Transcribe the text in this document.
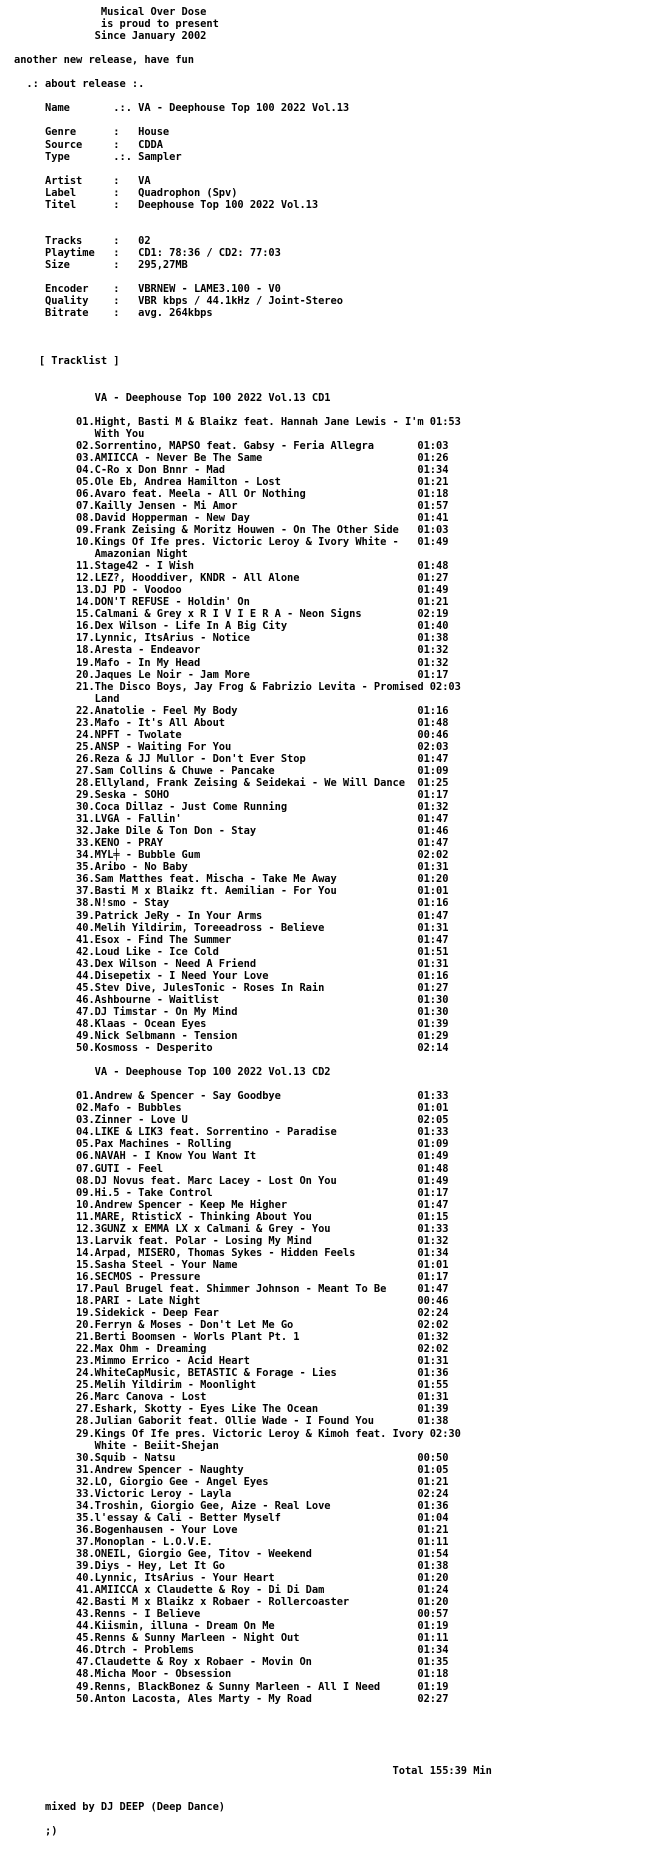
Musical Over Dose
is proud to present
Since January 2002

another new release, have fun

.: about release :.

Name       .:. VA - Deephouse Top 100 2022 Vol.13

Genre      :   House
Source     :   CDDA
Type       .:. Sampler

Artist     :   VA
Label      :   Quadrophon (Spv)
Titel      :   Deephouse Top 100 2022 Vol.13

Tracks     :   02
Playtime   :   CD1: 78:36 / CD2: 77:03
Size       :   295,27MB

Encoder    :   VBRNEW - LAME3.100 - V0
Quality    :   VBR kbps / 44.1kHz / Joint-Stereo
Bitrate    :   avg. 264kbps

[ Tracklist ]

VA - Deephouse Top 100 2022 Vol.13 CD1

01.Hight, Basti M & Blaikz feat. Hannah Jane Lewis - I'm 01:53
With You
02.Sorrentino, MAPSO feat. Gabsy - Feria Allegra       01:03
03.AMIICCA - Never Be The Same                         01:26
04.C-Ro x Don Bnnr - Mad                               01:34
05.Ole Eb, Andrea Hamilton - Lost                      01:21
06.Avaro feat. Meela - All Or Nothing                  01:18
07.Kailly Jensen - Mi Amor                             01:57
08.David Hopperman - New Day                           01:41
09.Frank Zeising & Moritz Houwen - On The Other Side   01:03
10.Kings Of Ife pres. Victoric Leroy & Ivory White -   01:49
Amazonian Night
11.Stage42 - I Wish                                    01:48
12.LEZ?, Hooddiver, KNDR - All Alone                   01:27
13.DJ PD - Voodoo                                      01:49
14.DON'T REFUSE - Holdin' On                           01:21
15.Calmani & Grey x R I V I E R A - Neon Signs         02:19
16.Dex Wilson - Life In A Big City                     01:40
17.Lynnic, ItsArius - Notice                           01:38
18.Aresta - Endeavor                                   01:32
19.Mafo - In My Head                                   01:32
20.Jaques Le Noir - Jam More                           01:17
21.The Disco Boys, Jay Frog & Fabrizio Levita - Promised 02:03
Land
22.Anatolie - Feel My Body                             01:16
23.Mafo - It's All About                               01:48
24.NPFT - Twolate                                      00:46
25.ANSP - Waiting For You                              02:03
26.Reza & JJ Mullor - Don't Ever Stop                  01:47
27.Sam Collins & Chuwe - Pancake                       01:09
28.Ellyland, Frank Zeising & Seidekai - We Will Dance  01:25
29.Seska - SOHO                                        01:17
30.Coca Dillaz - Just Come Running                     01:32
31.LVGA - Fallin'                                      01:47
32.Jake Dile & Ton Don - Stay                          01:46
33.KENO - PRAY                                         01:47
34.MYL╪ - Bubble Gum                                   02:02
35.Aribo - No Baby                                     01:31
36.Sam Matthes feat. Mischa - Take Me Away             01:20
37.Basti M x Blaikz ft. Aemilian - For You             01:01
38.N!smo - Stay                                        01:16
39.Patrick JeRy - In Your Arms                         01:47
40.Melih Yildirim, Toreeadross - Believe               01:31
41.Esox - Find The Summer                              01:47
42.Loud Like - Ice Cold                                01:51
43.Dex Wilson - Need A Friend                          01:31
44.Disepetix - I Need Your Love                        01:16
45.Stev Dive, JulesTonic - Roses In Rain               01:27
46.Ashbourne - Waitlist                                01:30
47.DJ Timstar - On My Mind                             01:30
48.Klaas - Ocean Eyes                                  01:39
49.Nick Selbmann - Tension                             01:29
50.Kosmoss - Desperito                                 02:14

VA - Deephouse Top 100 2022 Vol.13 CD2

01.Andrew & Spencer - Say Goodbye                      01:33
02.Mafo - Bubbles                                      01:01
03.Zinner - Love U                                     02:05
04.LIKE & LIK3 feat. Sorrentino - Paradise             01:33
05.Pax Machines - Rolling                              01:09
06.NAVAH - I Know You Want It                          01:49
07.GUTI - Feel                                         01:48
08.DJ Novus feat. Marc Lacey - Lost On You             01:49
09.Hi.5 - Take Control                                 01:17
10.Andrew Spencer - Keep Me Higher                     01:47
11.MARE, RtisticX - Thinking About You                 01:15
12.3GUNZ x EMMA LX x Calmani & Grey - You              01:33
13.Larvik feat. Polar - Losing My Mind                 01:32
14.Arpad, MISERO, Thomas Sykes - Hidden Feels          01:34
15.Sasha Steel - Your Name                             01:01
16.SECMOS - Pressure                                   01:17
17.Paul Brugel feat. Shimmer Johnson - Meant To Be     01:47
18.PARI - Late Night                                   00:46
19.Sidekick - Deep Fear                                02:24
20.Ferryn & Moses - Don't Let Me Go                    02:02
21.Berti Boomsen - Worls Plant Pt. 1                   01:32
22.Max Ohm - Dreaming                                  02:02
23.Mimmo Errico - Acid Heart                           01:31
24.WhiteCapMusic, BETASTIC & Forage - Lies             01:36
25.Melih Yildirim - Moonlight                          01:55
26.Marc Canova - Lost                                  01:31
27.Eshark, Skotty - Eyes Like The Ocean                01:39
28.Julian Gaborit feat. Ollie Wade - I Found You       01:38
29.Kings Of Ife pres. Victoric Leroy & Kimoh feat. Ivory 02:30
White - Beiit-Shejan
30.Squib - Natsu                                       00:50
31.Andrew Spencer - Naughty                            01:05
32.LO, Giorgio Gee - Angel Eyes                        01:21
33.Victoric Leroy - Layla                              02:24
34.Troshin, Giorgio Gee, Aize - Real Love              01:36
35.l'essay & Cali - Better Myself                      01:04
36.Bogenhausen - Your Love                             01:21
37.Monoplan - L.O.V.E.                                 01:11
38.ONEIL, Giorgio Gee, Titov - Weekend                 01:54
39.Diys - Hey, Let It Go                               01:38
40.Lynnic, ItsArius - Your Heart                       01:20
41.AMIICCA x Claudette & Roy - Di Di Dam               01:24
42.Basti M x Blaikz x Robaer - Rollercoaster           01:20
43.Renns - I Believe                                   00:57
44.Kiismin, illuna - Dream On Me                       01:19
45.Renns & Sunny Marleen - Night Out                   01:11
46.Dtrch - Problems                                    01:34
47.Claudette & Roy x Robaer - Movin On                 01:35
48.Micha Moor - Obsession                              01:18
49.Renns, BlackBonez & Sunny Marleen - All I Need      01:19
50.Anton Lacosta, Ales Marty - My Road                 02:27

Total 155:39 Min

mixed by DJ DEEP (Deep Dance)

;)
